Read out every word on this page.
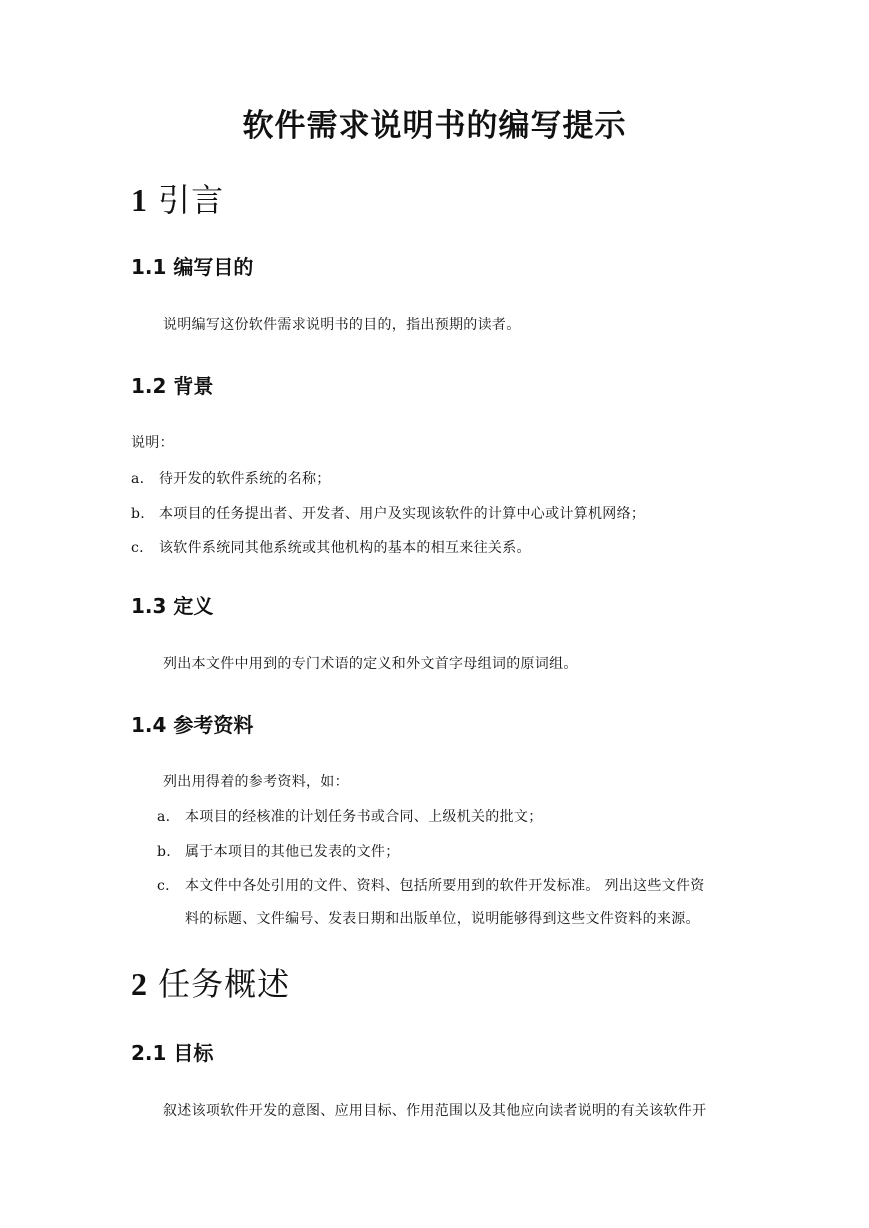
软件需求说明书的编写提示
1 引言
1.1 编写目的
说明编写这份软件需求说明书的目的，指出预期的读者。
1.2 背景
说明：
a. 待开发的软件系统的名称；
b. 本项目的任务提出者、开发者、用户及实现该软件的计算中心或计算机网络；
c. 该软件系统同其他系统或其他机构的基本的相互来往关系。
1.3 定义
列出本文件中用到的专门术语的定义和外文首字母组词的原词组。
1.4 参考资料
列出用得着的参考资料，如：
a. 本项目的经核准的计划任务书或合同、上级机关的批文；
b. 属于本项目的其他已发表的文件；
c. 本文件中各处引用的文件、资料、包括所要用到的软件开发标准。 列出这些文件资
料的标题、文件编号、发表日期和出版单位，说明能够得到这些文件资料的来源。
2 任务概述
2.1 目标
叙述该项软件开发的意图、应用目标、作用范围以及其他应向读者说明的有关该软件开
